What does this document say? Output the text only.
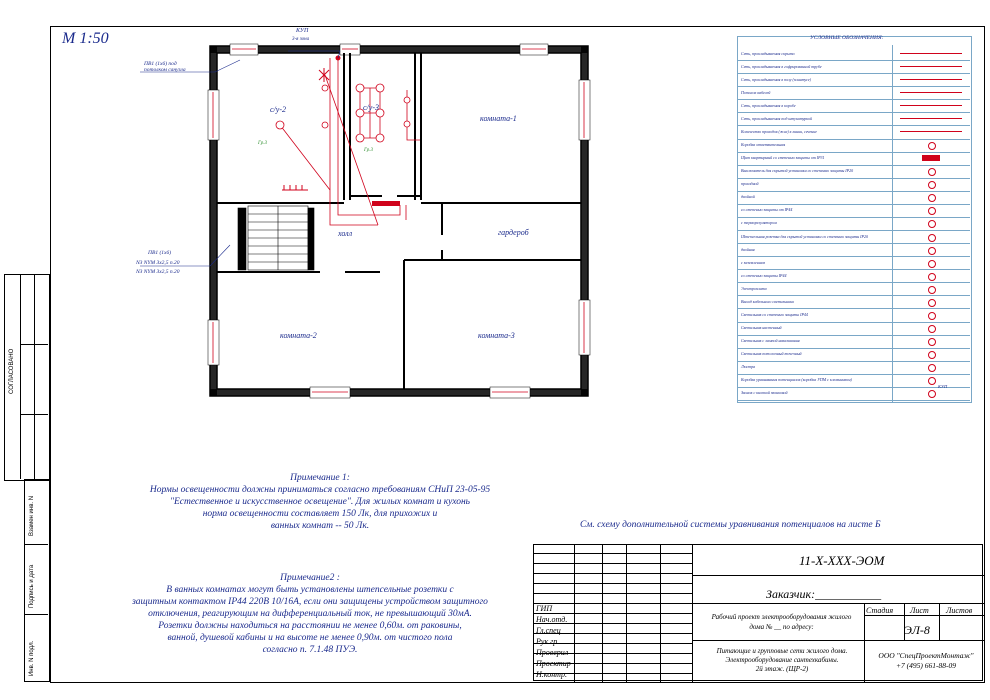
СОГЛАСОВАНО
Взамен инв. N
Подпись и дата
Инв. N подл.
М 1:50
с/у-2	с/у-3
комната-1
комната-2	комната-3
холл	гардероб
КУП
3-я зона
Гр.3
Гр.3
ПВ1 (1х6) под
потолком санузла
ПВ1 (1х6)
N3 NYM 3х2,5 п.20
N3 NYM 3х2,5 п.20
УСЛОВНЫЕ ОБОЗНАЧЕНИЯ:
Сеть, прокладываемая скрыто
Сеть, прокладываемая в гофрированной трубе
Сеть, прокладываемая в полу (плинтусе)
Потолок кабелей
Сеть, прокладываемая в коробе
Сеть, прокладываемая под штукатуркой
Количество проводов (жил) в линии, сечение
Коробка ответвительная
Щит квартирный со степенью защиты от IP31
Выключатель для скрытой установки со степенью защиты IP20
проходной
двойной
со степенью защиты от IP44
с терморегулятором
Штепсельная розетка для скрытой установки со степенью защиты IP20
двойная
с заземлением
со степенью защиты IP44
Электроплита
Выход кабельного светильника
Светильник со степенью защиты IP44
Светильник настенный
Светильник с лампой накаливания
Светильник потолочный точечный
Люстра
Коробка уравнивания потенциалов (коробка УПМ с клеммником)
Звонок с кнопкой звонковой
КУП
Примечание 1:
Нормы освещенности должны приниматься согласно требованиям СНиП 23-05-95
"Естественное и искусственное освещение". Для жилых комнат и кухонь
норма освещенности составляет 150 Лк, для прихожих и
ванных комнат -- 50 Лк.
Примечание2 :
В ванных комнатах могут быть установлены штепсельные розетки с
защитным контактом IP44 220В 10/16А, если они защищены устройством защитного
отключения, реагирующим на дифференциальный ток, не превышающий 30мА.
Розетки должны находиться на расстоянии не менее 0,60м. от раковины,
ванной, душевой кабины и на высоте не менее 0,90м. от чистого пола
согласно п. 7.1.48 ПУЭ.
См. схему дополнительной системы уравнивания потенциалов на листе Б
ГИП
Нач.отд.
Гл.спец
Рук.гр.
Проверил
Проектир
Н.контр.
11-Х-ХХХ-ЭОМ
Заказчик:___________
Рабочий проект электрооборудования жилого
дома № __ по адресу:
Стадия Лист Листов
ЭЛ-8
Питающие и групповые сети жилого дома.
Электрооборудование сантехкабины.
2й этаж. (ЩР-2)
ООО "СпецПроектМонтаж"
+7 (495) 661-88-09
